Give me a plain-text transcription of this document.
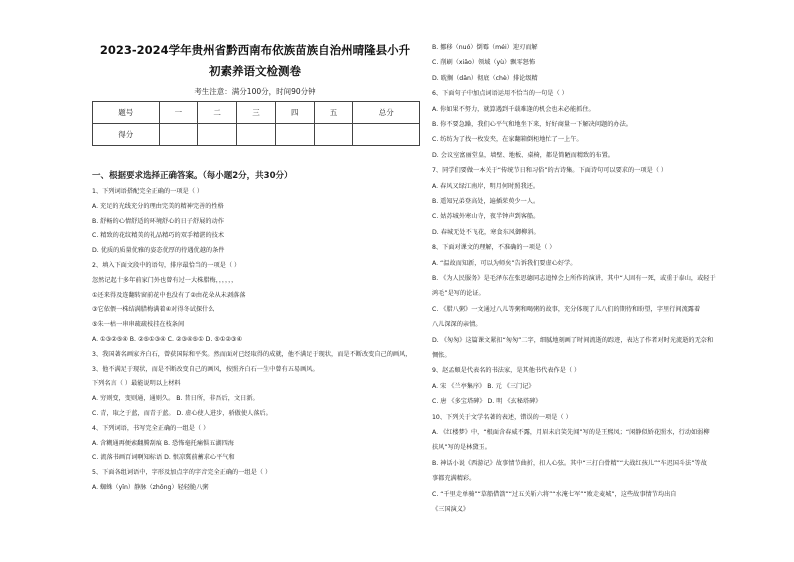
2023-2024学年贵州省黔西南布依族苗族自治州晴隆县小升
初素养语文检测卷
考生注意：满分100分，时间90分钟
题号	一	二	三	四	五	总分
得分						
一、根据要求选择正确答案。（每小题2分，共30分）
1、下列词语搭配完全正确的一项是（ ）
A. 充足的光线充分的理由完美的精神完善的性格
B. 舒畅的心情舒适的环境舒心的日子舒展的动作
C. 精致的花纹精美的礼品精巧的双手精湛的技术
D. 优质的质量优雅的姿态优厚的待遇优越的条件
2、填入下面文段中的语句，排序最恰当的一项是（ ）
忽然记起十多年前家门外也曾有过一大株腊梅，，，，，，
①还来得及连翻转窗前花中也没有了②由花朵从未剥落落
③它依偎一株结满腊梅满着④对得冬试探什么
⑤朱一枯一串串疏疏枝挂在枝条间
A. ①③②⑤④ B. ②⑤①③④ C. ②③④⑤① D. ⑤①②③④
3、我国著名画家齐白石，曾获国际和平奖。然而面对已经取得的成就，他不满足于现状，而是不断改变自己的画风，
3、他不满足于现状，而是不断改变自己的画风，按照齐白石一生中曾有五易画风。
下列名言（ ）最能说明以上材料
A. 穷则变，变则通，通则久。 B. 昔日所，非吾后，文日新。
C. 青，取之于蓝，而青于蓝。 D. 虚心使人进步，骄傲使人落后。
4、下列词语，书写完全正确的一组是（ ）
A. 含糊通再便索翻腾刮痕 B. 恐怖毫托痛惧五湖四海
C. 流落书画百词啊知标语 D. 恨凉冀前蓄求心平气和
5、下面各组词语中，字形及加点字的字音完全正确的一组是（ ）
A. 蜘蛛（yīn）静脉（zhōng）轻轻脆八粥
B. 挪移（nuó）倒霉（méi）迎刃而解
C. 削刷（xiāo）领域（yù）飘零怒怖
D. 耽搁（dān）彻底（chè）排论级精
6、下面句子中加点词语运用不恰当的一句是（ ）
A. 你如果不努力，就算遇到千载难逢的机会也未必能抓住。
B. 你不要急躁，我们心平气和地坐下来，好好商量一下解决问题的办法。
C. 纺纺为了找一枚发夹，在家翻箱倒柜地忙了一上午。
D. 会议室富丽堂皇，墙壁、地板、桌椅，都是简陋而精致的布置。
7、同学们要做一本关于“传统节日和习俗”的古诗集。下面诗句可以要求的一项是（ ）
A. 春风又绿江南岸，明月何时照我还。
B. 遥知兄弟登高处，遍插茱萸少一人。
C. 姑苏城外寒山寺，夜半钟声到客船。
D. 春城无处不飞花，寒食东风御柳斜。
8、下面对课文的理解，不准确的一项是（ ）
A. “温故而知新，可以为师矣”告诉我们要虚心好学。
B. 《为人民服务》是毛泽东在张思德同志追悼会上所作的演讲，其中“人固有一死，或重于泰山，或轻于
鸿毛”是写的论证。
C. 《腊八粥》一文通过八儿等粥和喝粥的故事，充分体现了儿八们的期待和盼望，字里行间流露着
八儿深深的亲情。
D. 《匆匆》这篇课文紧扣“匆匆”二字，细腻地刻画了时间流逝的踪迹，表达了作者对时光流逝的无奈和
惆怅。
9、赵孟頫是代表名的书法家，是其他书代表作是（ ）
A. 宋 《兰亭集序》 B. 元 《三门记》
C. 唐 《多宝塔碑》 D. 明 《玄秘塔碑》
10、下列关于文学名著的表述，错误的一项是（ ）
A. 《红楼梦》中，“根面含春威不露，月眉未启笑先闻”写的是王熙凤；“闲静似娇花照水，行动如弱柳
扶风”写的是林黛玉。
B. 神话小说《西游记》故事情节曲折，扣人心弦。其中“三打白骨精”“大战红孩儿”“车迟国斗法”等故
事都充满精彩。
C. “千里走单骑”“草船借箭”“过五关斩六将”“水淹七军”“败走麦城”，这些故事情节均出自
《三国演义》
